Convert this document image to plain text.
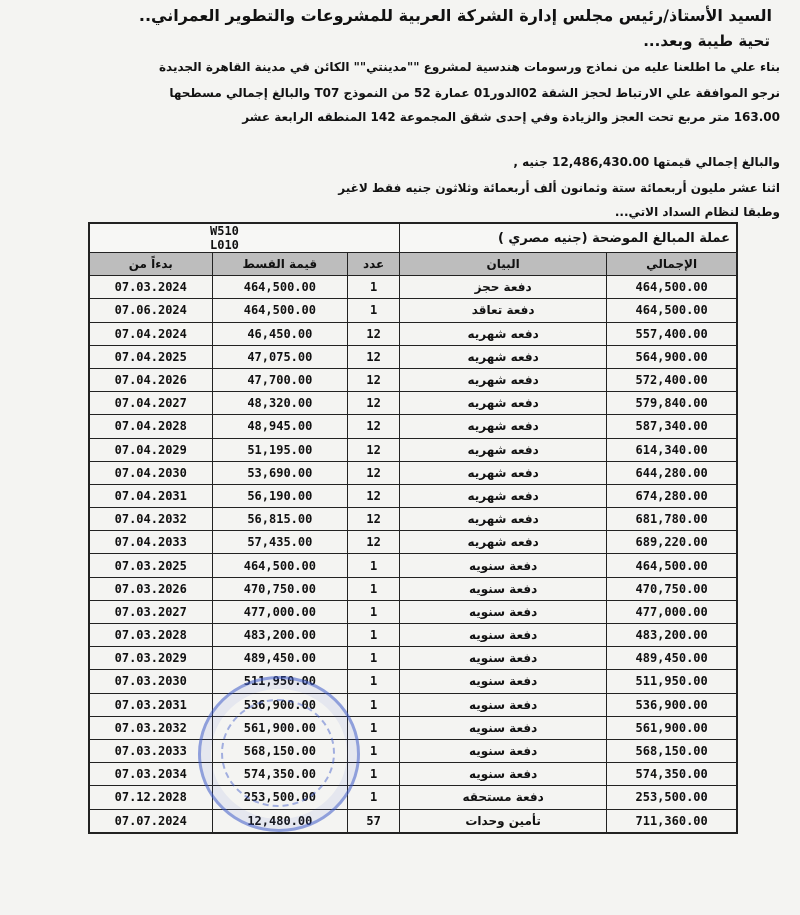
السيد الأستاذ/رئيس مجلس إدارة الشركة العربية للمشروعات والتطوير العمراني..
تحية طيبة وبعد...
بناء علي ما اطلعنا عليه من نماذج ورسومات هندسية لمشروع ""مدينتي"" الكائن في مدينة القاهرة الجديدة
نرجو الموافقة علي الارتباط لحجز الشقة 02الدور01 عمارة 52 من النموذج T07 والبالغ إجمالي مسطحها
163.00 متر مربع تحت العجز والزيادة وفي إحدى شقق المجموعة 142 المنطقه الرابعة عشر
والبالغ إجمالي قيمتها 12,486,430.00 جنيه ,
اثنا عشر مليون أربعمائة ستة وثمانون ألف أربعمائة وثلاثون جنيه فقط لاغير
وطبقا لنظام السداد الاتي...
W510 L010			عملة المبالغ الموضحة (جنيه مصري )	
بدءاً من	قيمة القسط	عدد	البيان	الإجمالي
07.03.2024	464,500.00	1	دفعة حجز	464,500.00
07.06.2024	464,500.00	1	دفعة تعاقد	464,500.00
07.04.2024	46,450.00	12	دفعه شهريه	557,400.00
07.04.2025	47,075.00	12	دفعه شهريه	564,900.00
07.04.2026	47,700.00	12	دفعه شهريه	572,400.00
07.04.2027	48,320.00	12	دفعه شهريه	579,840.00
07.04.2028	48,945.00	12	دفعه شهريه	587,340.00
07.04.2029	51,195.00	12	دفعه شهريه	614,340.00
07.04.2030	53,690.00	12	دفعه شهريه	644,280.00
07.04.2031	56,190.00	12	دفعه شهريه	674,280.00
07.04.2032	56,815.00	12	دفعه شهريه	681,780.00
07.04.2033	57,435.00	12	دفعه شهريه	689,220.00
07.03.2025	464,500.00	1	دفعة سنويه	464,500.00
07.03.2026	470,750.00	1	دفعة سنويه	470,750.00
07.03.2027	477,000.00	1	دفعة سنويه	477,000.00
07.03.2028	483,200.00	1	دفعة سنويه	483,200.00
07.03.2029	489,450.00	1	دفعة سنويه	489,450.00
07.03.2030	511,950.00	1	دفعة سنويه	511,950.00
07.03.2031	536,900.00	1	دفعة سنويه	536,900.00
07.03.2032	561,900.00	1	دفعة سنويه	561,900.00
07.03.2033	568,150.00	1	دفعة سنويه	568,150.00
07.03.2034	574,350.00	1	دفعة سنويه	574,350.00
07.12.2028	253,500.00	1	دفعة مستحقه	253,500.00
07.07.2024	12,480.00	57	تأمين وحدات	711,360.00
